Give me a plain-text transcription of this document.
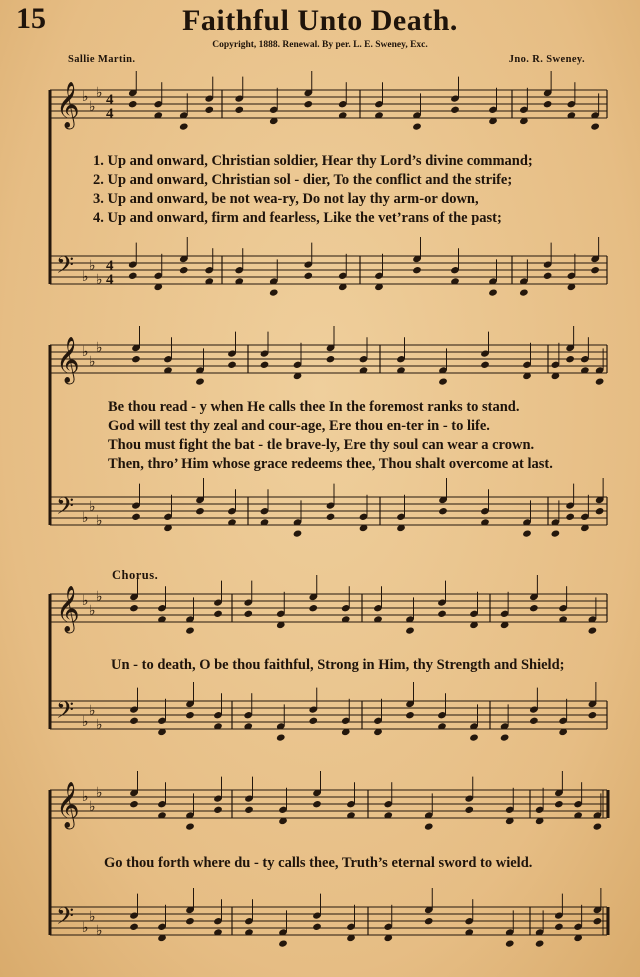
15	Faithful Unto Death.
Copyright, 1888. Renewal. By per. L. E. Sweney, Exc.
Sallie Martin.	Jno. R. Sweney.
𝄞 ♭
♭
♭ 4
4
𝄢 ♭
♭
♭
4
4
𝄞 ♭
♭
♭
𝄢 ♭
♭
♭
𝄞 ♭
♭
♭
𝄢 ♭
♭
♭
𝄞 ♭
♭
♭
𝄢 ♭
♭
♭
1. Up and onward, Christian soldier, Hear thy Lord’s divine command;
2. Up and onward, Christian sol - dier, To the conflict and the strife;
3. Up and onward, be not wea-ry, Do not lay thy arm-or down,
4. Up and onward, firm and fearless, Like the vet’rans of the past;
Be thou read - y when He calls thee In the foremost ranks to stand.
God will test thy zeal and cour-age, Ere thou en-ter in - to life.
Thou must fight the bat - tle brave-ly, Ere thy soul can wear a crown.
Then, thro’ Him whose grace redeems thee, Thou shalt overcome at last.
Chorus.
Un - to death, O be thou faithful, Strong in Him, thy Strength and Shield;
Go thou forth where du - ty calls thee, Truth’s eternal sword to wield.
